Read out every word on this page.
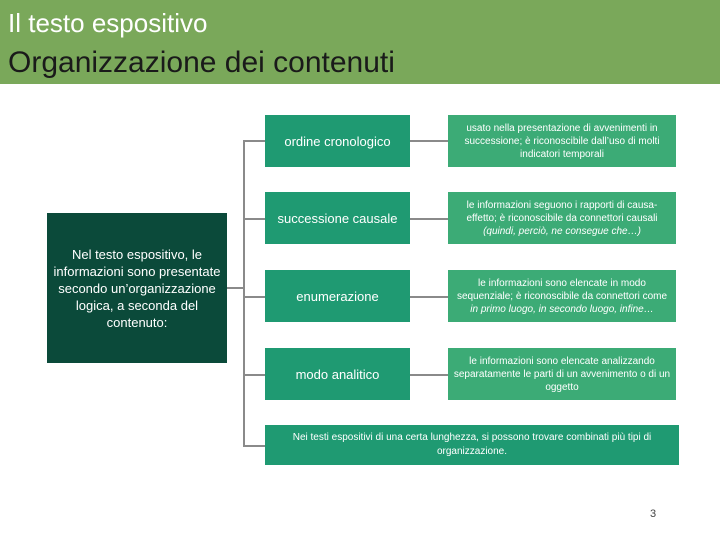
Il testo espositivo
Organizzazione dei contenuti
Nel testo espositivo, le informazioni sono presentate secondo un’organizzazione logica, a seconda del contenuto:
ordine cronologico
usato nella presentazione di avvenimenti in successione; è riconoscibile dall’uso di molti indicatori temporali
successione causale
le informazioni seguono i rapporti di causa-effetto; è riconoscibile da connettori causali (quindi, perciò, ne consegue che…)
enumerazione
le informazioni sono elencate in modo sequenziale; è riconoscibile da connettori come in primo luogo, in secondo luogo, infine…
modo analitico
le informazioni sono elencate analizzando separatamente le parti di un avvenimento o di un oggetto
Nei testi espositivi di una certa lunghezza, si possono trovare combinati più tipi di organizzazione.
3
